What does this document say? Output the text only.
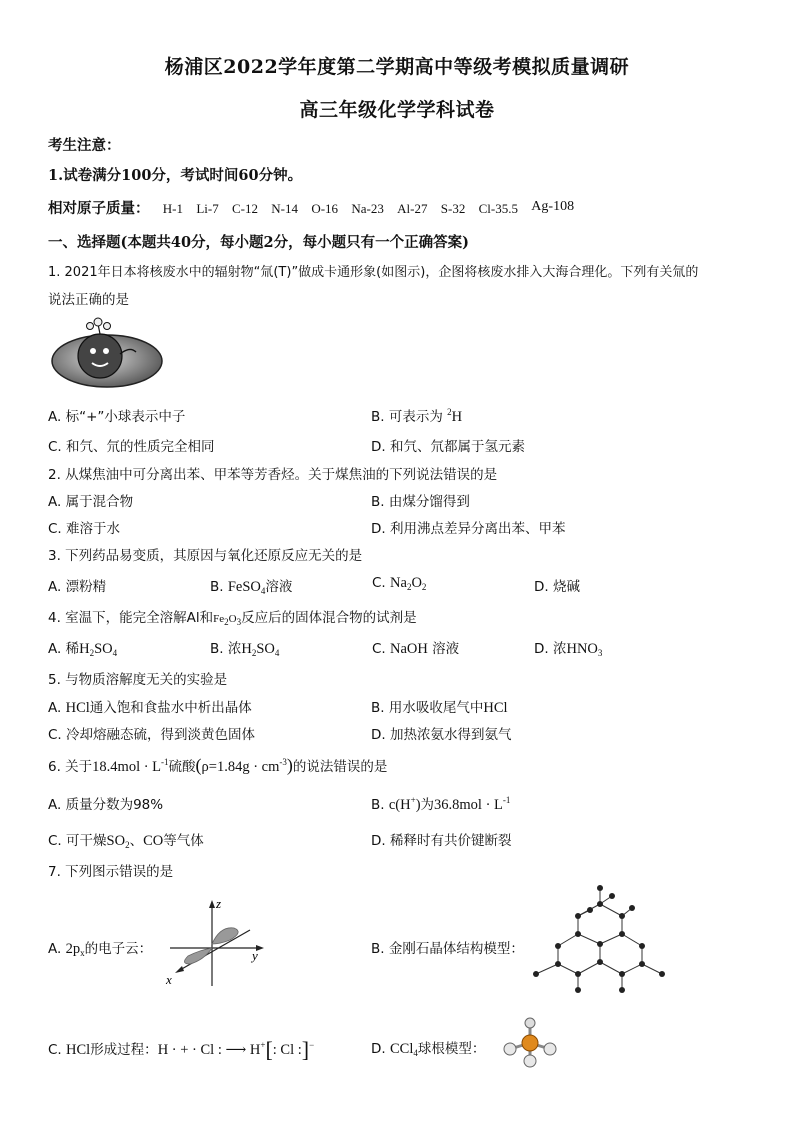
杨浦区2022学年度第二学期高中等级考模拟质量调研
高三年级化学学科试卷
考生注意：
1.试卷满分100分，考试时间60分钟。
相对原子质量： H-1 Li-7 C-12 N-14 O-16 Na-23 Al-27 S-32 Cl-35.5 Ag-108
一、选择题(本题共40分，每小题2分，每小题只有一个正确答案)
1. 2021年日本将核废水中的辐射物“氚(T)”做成卡通形象(如图示)，企图将核废水排入大海合理化。下列有关氚的
说法正确的是
A. 标“+”小球表示中子	B. 可表示为 $^2$H
C. 和氕、氘的性质完全相同	D. 和氕、氘都属于氢元素
2. 从煤焦油中可分离出苯、甲苯等芳香烃。关于煤焦油的下列说法错误的是
A. 属于混合物	B. 由煤分馏得到
C. 难溶于水	D. 利用沸点差异分离出苯、甲苯
3. 下列药品易变质，其原因与氧化还原反应无关的是
A. 漂粉精	B. FeSO$_4$溶液	C. $Na_2O_2$	D. 烧碱
4. 室温下，能完全溶解Al和$Fe_2O_3$反应后的固体混合物的试剂是
A. 稀$H_2SO_4$	B. 浓$H_2SO_4$	C. NaOH 溶液	D. 浓$HNO_3$
5. 与物质溶解度无关的实验是
A. HCl通入饱和食盐水中析出晶体	B. 用水吸收尾气中HCl
C. 冷却熔融态硫，得到淡黄色固体	D. 加热浓氨水得到氨气
6. 关于$18.4mol \cdot L^{-1}$硫酸$(\rho=1.84g \cdot cm^{-3})$的说法错误的是
A. 质量分数为98%	B. c(H+)为$36.8mol \cdot L^{-1}$
C. 可干燥$SO_2$、CO等气体	D. 稀释时有共价键断裂
7. 下列图示错误的是
A. $2p_x$的电子云：
z
y
x
B. 金刚石晶体结构模型：
C. HCl形成过程：H · + · Cl : ⟶ H+[: Cl :]−	D. CCl$_4$球根模型：
